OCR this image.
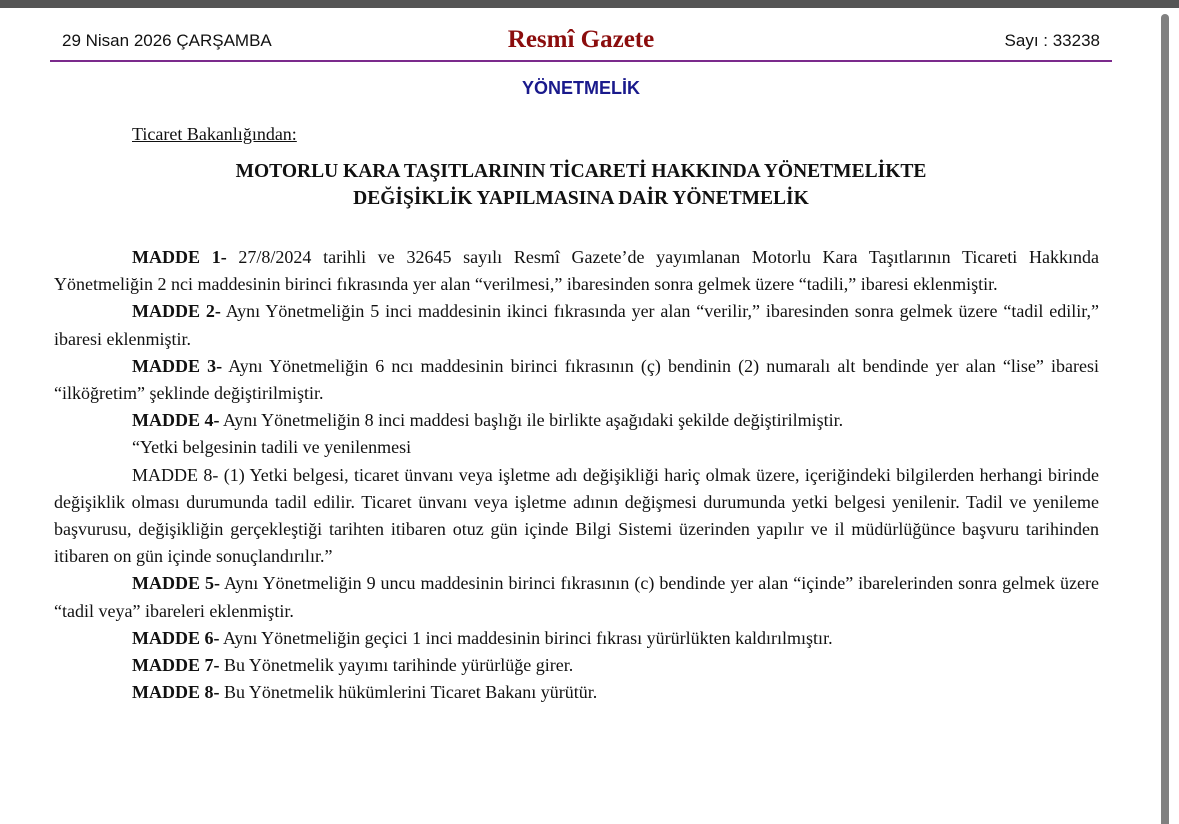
29 Nisan 2026 ÇARŞAMBA	Resmî Gazete	Sayı : 33238
YÖNETMELİK
Ticaret Bakanlığından:
MOTORLU KARA TAŞITLARININ TİCARETİ HAKKINDA YÖNETMELİKTE
DEĞİŞİKLİK YAPILMASINA DAİR YÖNETMELİK

MADDE 1- 27/8/2024 tarihli ve 32645 sayılı Resmî Gazete’de yayımlanan Motorlu Kara Taşıtlarının Ticareti Hakkında Yönetmeliğin 2 nci maddesinin birinci fıkrasında yer alan “verilmesi,” ibaresinden sonra gelmek üzere “tadili,” ibaresi eklenmiştir.

MADDE 2- Aynı Yönetmeliğin 5 inci maddesinin ikinci fıkrasında yer alan “verilir,” ibaresinden sonra gelmek üzere “tadil edilir,” ibaresi eklenmiştir.

MADDE 3- Aynı Yönetmeliğin 6 ncı maddesinin birinci fıkrasının (ç) bendinin (2) numaralı alt bendinde yer alan “lise” ibaresi “ilköğretim” şeklinde değiştirilmiştir.

MADDE 4- Aynı Yönetmeliğin 8 inci maddesi başlığı ile birlikte aşağıdaki şekilde değiştirilmiştir.

“Yetki belgesinin tadili ve yenilenmesi

MADDE 8- (1) Yetki belgesi, ticaret ünvanı veya işletme adı değişikliği hariç olmak üzere, içeriğindeki bilgilerden herhangi birinde değişiklik olması durumunda tadil edilir. Ticaret ünvanı veya işletme adının değişmesi durumunda yetki belgesi yenilenir. Tadil ve yenileme başvurusu, değişikliğin gerçekleştiği tarihten itibaren otuz gün içinde Bilgi Sistemi üzerinden yapılır ve il müdürlüğünce başvuru tarihinden itibaren on gün içinde sonuçlandırılır.”

MADDE 5- Aynı Yönetmeliğin 9 uncu maddesinin birinci fıkrasının (c) bendinde yer alan “içinde” ibarelerinden sonra gelmek üzere “tadil veya” ibareleri eklenmiştir.

MADDE 6- Aynı Yönetmeliğin geçici 1 inci maddesinin birinci fıkrası yürürlükten kaldırılmıştır.

MADDE 7- Bu Yönetmelik yayımı tarihinde yürürlüğe girer.

MADDE 8- Bu Yönetmelik hükümlerini Ticaret Bakanı yürütür.
